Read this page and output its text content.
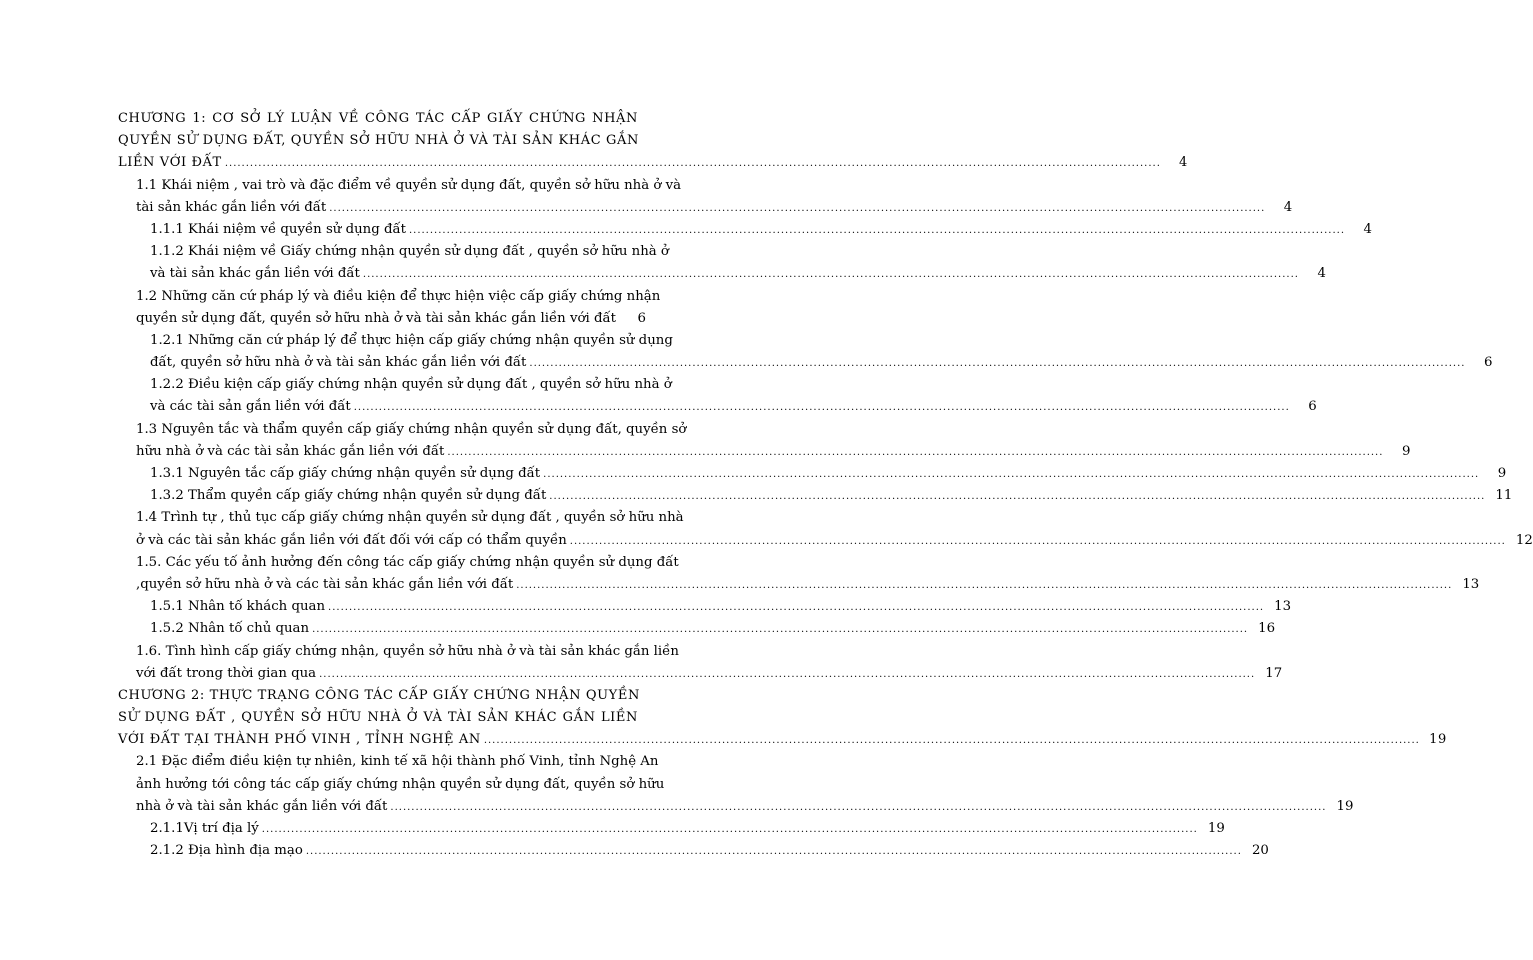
CHƯƠNG 1: CƠ SỞ LÝ LUẬN VỀ CÔNG TÁC CẤP GIẤY CHỨNG NHẬN
QUYỀN SỬ DỤNG ĐẤT, QUYỀN SỞ HỮU NHÀ Ở VÀ TÀI SẢN KHÁC GẮN
LIỀN VỚI ĐẤT .....	4
1.1 Khái niệm , vai trò và đặc điểm về quyền sử dụng đất, quyền sở hữu nhà ở và
tài sản khác gắn liền với đất .....	4
1.1.1 Khái niệm về quyền sử dụng đất .....	4
1.1.2 Khái niệm về Giấy chứng nhận quyền sử dụng đất , quyền sở hữu nhà ở
và tài sản khác gắn liền với đất .....	4
1.2 Những căn cứ pháp lý và điều kiện để thực hiện việc cấp giấy chứng nhận
quyền sử dụng đất, quyền sở hữu nhà ở và tài sản khác gắn liền với đất	6
1.2.1 Những căn cứ pháp lý để thực hiện cấp giấy chứng nhận quyền sử dụng
đất, quyền sở hữu nhà ở và tài sản khác gắn liền với đất .....	6
1.2.2 Điều kiện cấp giấy chứng nhận quyền sử dụng đất , quyền sở hữu nhà ở
và các tài sản gắn liền với đất .....	6
1.3 Nguyên tắc và thẩm quyền cấp giấy chứng nhận quyền sử dụng đất, quyền sở
hữu nhà ở và các tài sản khác gắn liền với đất .....	9
1.3.1 Nguyên tắc cấp giấy chứng nhận quyền sử dụng đất .....	9
1.3.2 Thẩm quyền cấp giấy chứng nhận quyền sử dụng đất .....	11
1.4 Trình tự , thủ tục cấp giấy chứng nhận quyền sử dụng đất , quyền sở hữu nhà
ở và các tài sản khác gắn liền với đất đối với cấp có thẩm quyền .....	12
1.5. Các yếu tố ảnh hưởng đến công tác cấp giấy chứng nhận quyền sử dụng đất
,quyền sở hữu nhà ở và các tài sản khác gắn liền với đất .....	13
1.5.1 Nhân tố khách quan .....	13
1.5.2 Nhân tố chủ quan .....	16
1.6. Tình hình cấp giấy chứng nhận, quyền sở hữu nhà ở và tài sản khác gắn liền
với đất trong thời gian qua .....	17
CHƯƠNG 2: THỰC TRẠNG CÔNG TÁC CẤP GIẤY CHỨNG NHẬN QUYỀN
SỬ DỤNG ĐẤT , QUYỀN SỞ HỮU NHÀ Ở VÀ TÀI SẢN KHÁC GẮN LIỀN
VỚI ĐẤT TẠI THÀNH PHỐ VINH , TỈNH NGHỆ AN .....	19
2.1 Đặc điểm điều kiện tự nhiên, kinh tế xã hội thành phố Vinh, tỉnh Nghệ An
ảnh hưởng tới công tác cấp giấy chứng nhận quyền sử dụng đất, quyền sở hữu
nhà ở và tài sản khác gắn liền với đất .....	19
2.1.1Vị trí địa lý .....	19
2.1.2 Địa hình địa mạo .....	20
